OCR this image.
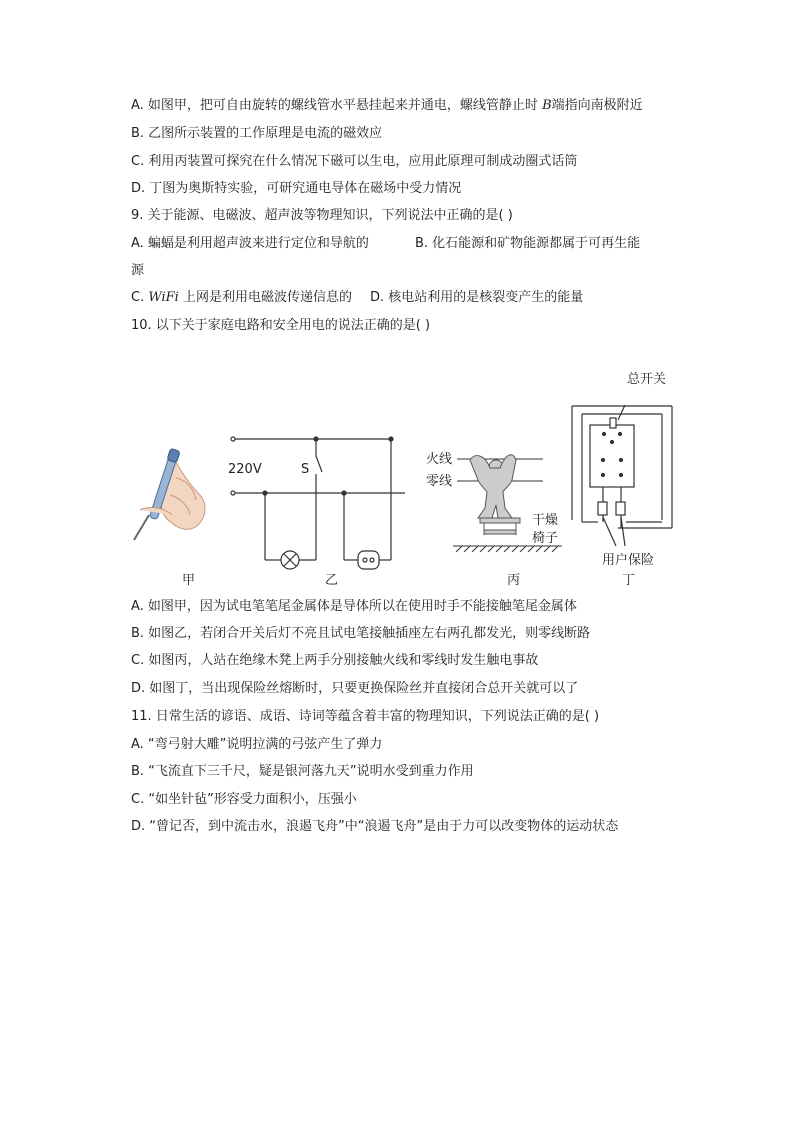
A. 如图甲，把可自由旋转的螺线管水平悬挂起来并通电，螺线管静止时 B端指向南极附近
B. 乙图所示装置的工作原理是电流的磁效应
C. 利用丙装置可探究在什么情况下磁可以生电，应用此原理可制成动圈式话筒
D. 丁图为奥斯特实验，可研究通电导体在磁场中受力情况
9. 关于能源、电磁波、超声波等物理知识，下列说法中正确的是( )
A. 蝙蝠是利用超声波来进行定位和导航的	B. 化石能源和矿物能源都属于可再生能
源
C. WiFi 上网是利用电磁波传递信息的 D. 核电站利用的是核裂变产生的能量
10. 以下关于家庭电路和安全用电的说法正确的是( )
220V	S
火线
零线
干燥
椅子
总开关
用户保险
甲	乙	丙	丁
A. 如图甲，因为试电笔笔尾金属体是导体所以在使用时手不能接触笔尾金属体
B. 如图乙，若闭合开关后灯不亮且试电笔接触插座左右两孔都发光，则零线断路
C. 如图丙，人站在绝缘木凳上两手分别接触火线和零线时发生触电事故
D. 如图丁，当出现保险丝熔断时，只要更换保险丝并直接闭合总开关就可以了
11. 日常生活的谚语、成语、诗词等蕴含着丰富的物理知识，下列说法正确的是( )
A. “弯弓射大雕”说明拉满的弓弦产生了弹力
B. “飞流直下三千尺，疑是银河落九天”说明水受到重力作用
C. “如坐针毡”形容受力面积小，压强小
D. “曾记否，到中流击水，浪遏飞舟”中“浪遏飞舟”是由于力可以改变物体的运动状态
